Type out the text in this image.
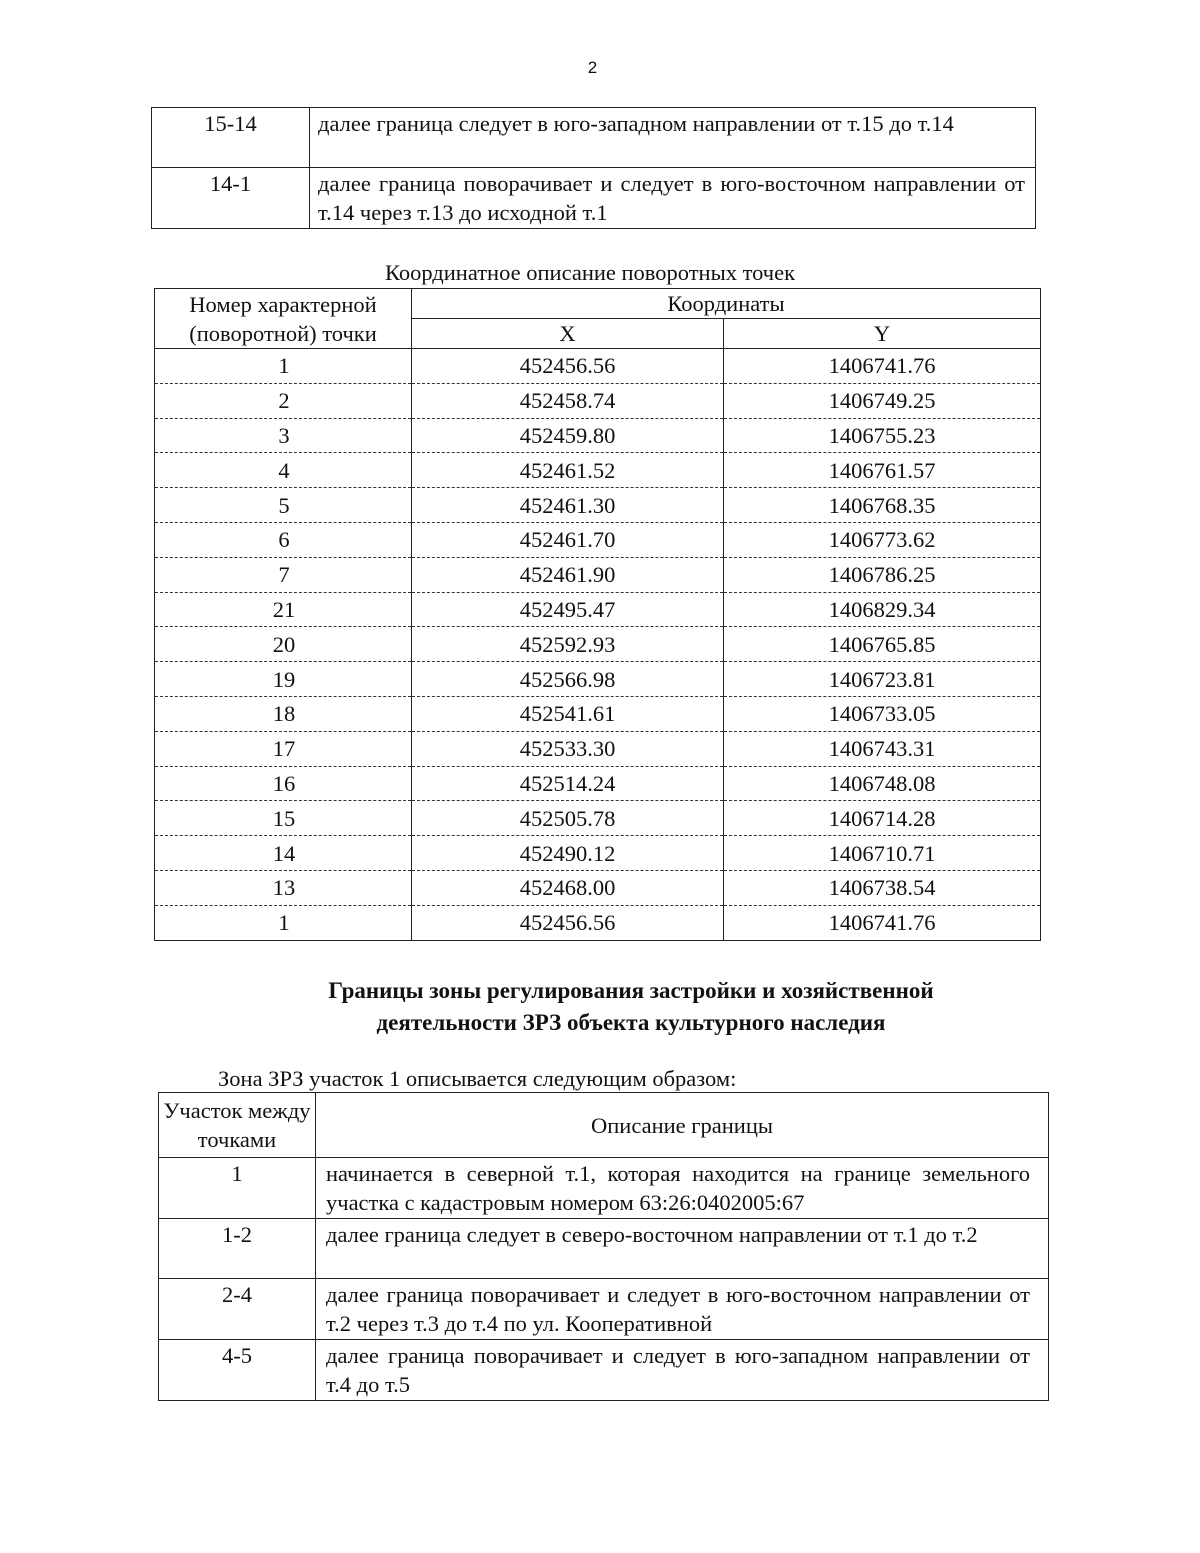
2
15-14	далее граница следует в юго-западном направлении от т.15 до т.14
14-1	далее граница поворачивает и следует в юго-восточном направлении от т.14 через т.13 до исходной т.1
Координатное описание поворотных точек
Номер характерной (поворотной) точки	Координаты	
	X	Y
1	452456.56	1406741.76
2	452458.74	1406749.25
3	452459.80	1406755.23
4	452461.52	1406761.57
5	452461.30	1406768.35
6	452461.70	1406773.62
7	452461.90	1406786.25
21	452495.47	1406829.34
20	452592.93	1406765.85
19	452566.98	1406723.81
18	452541.61	1406733.05
17	452533.30	1406743.31
16	452514.24	1406748.08
15	452505.78	1406714.28
14	452490.12	1406710.71
13	452468.00	1406738.54
1	452456.56	1406741.76
Границы зоны регулирования застройки и хозяйственной
деятельности ЗРЗ объекта культурного наследия
Зона ЗРЗ участок 1 описывается следующим образом:
Участок между точками	Описание границы
1	начинается в северной т.1, которая находится на границе земельного участка с кадастровым номером 63:26:0402005:67
1-2	далее граница следует в северо-восточном направлении от т.1 до т.2
2-4	далее граница поворачивает и следует в юго-восточном направлении от т.2 через т.3 до т.4 по ул. Кооперативной
4-5	далее граница поворачивает и следует в юго-западном направлении от т.4 до т.5
